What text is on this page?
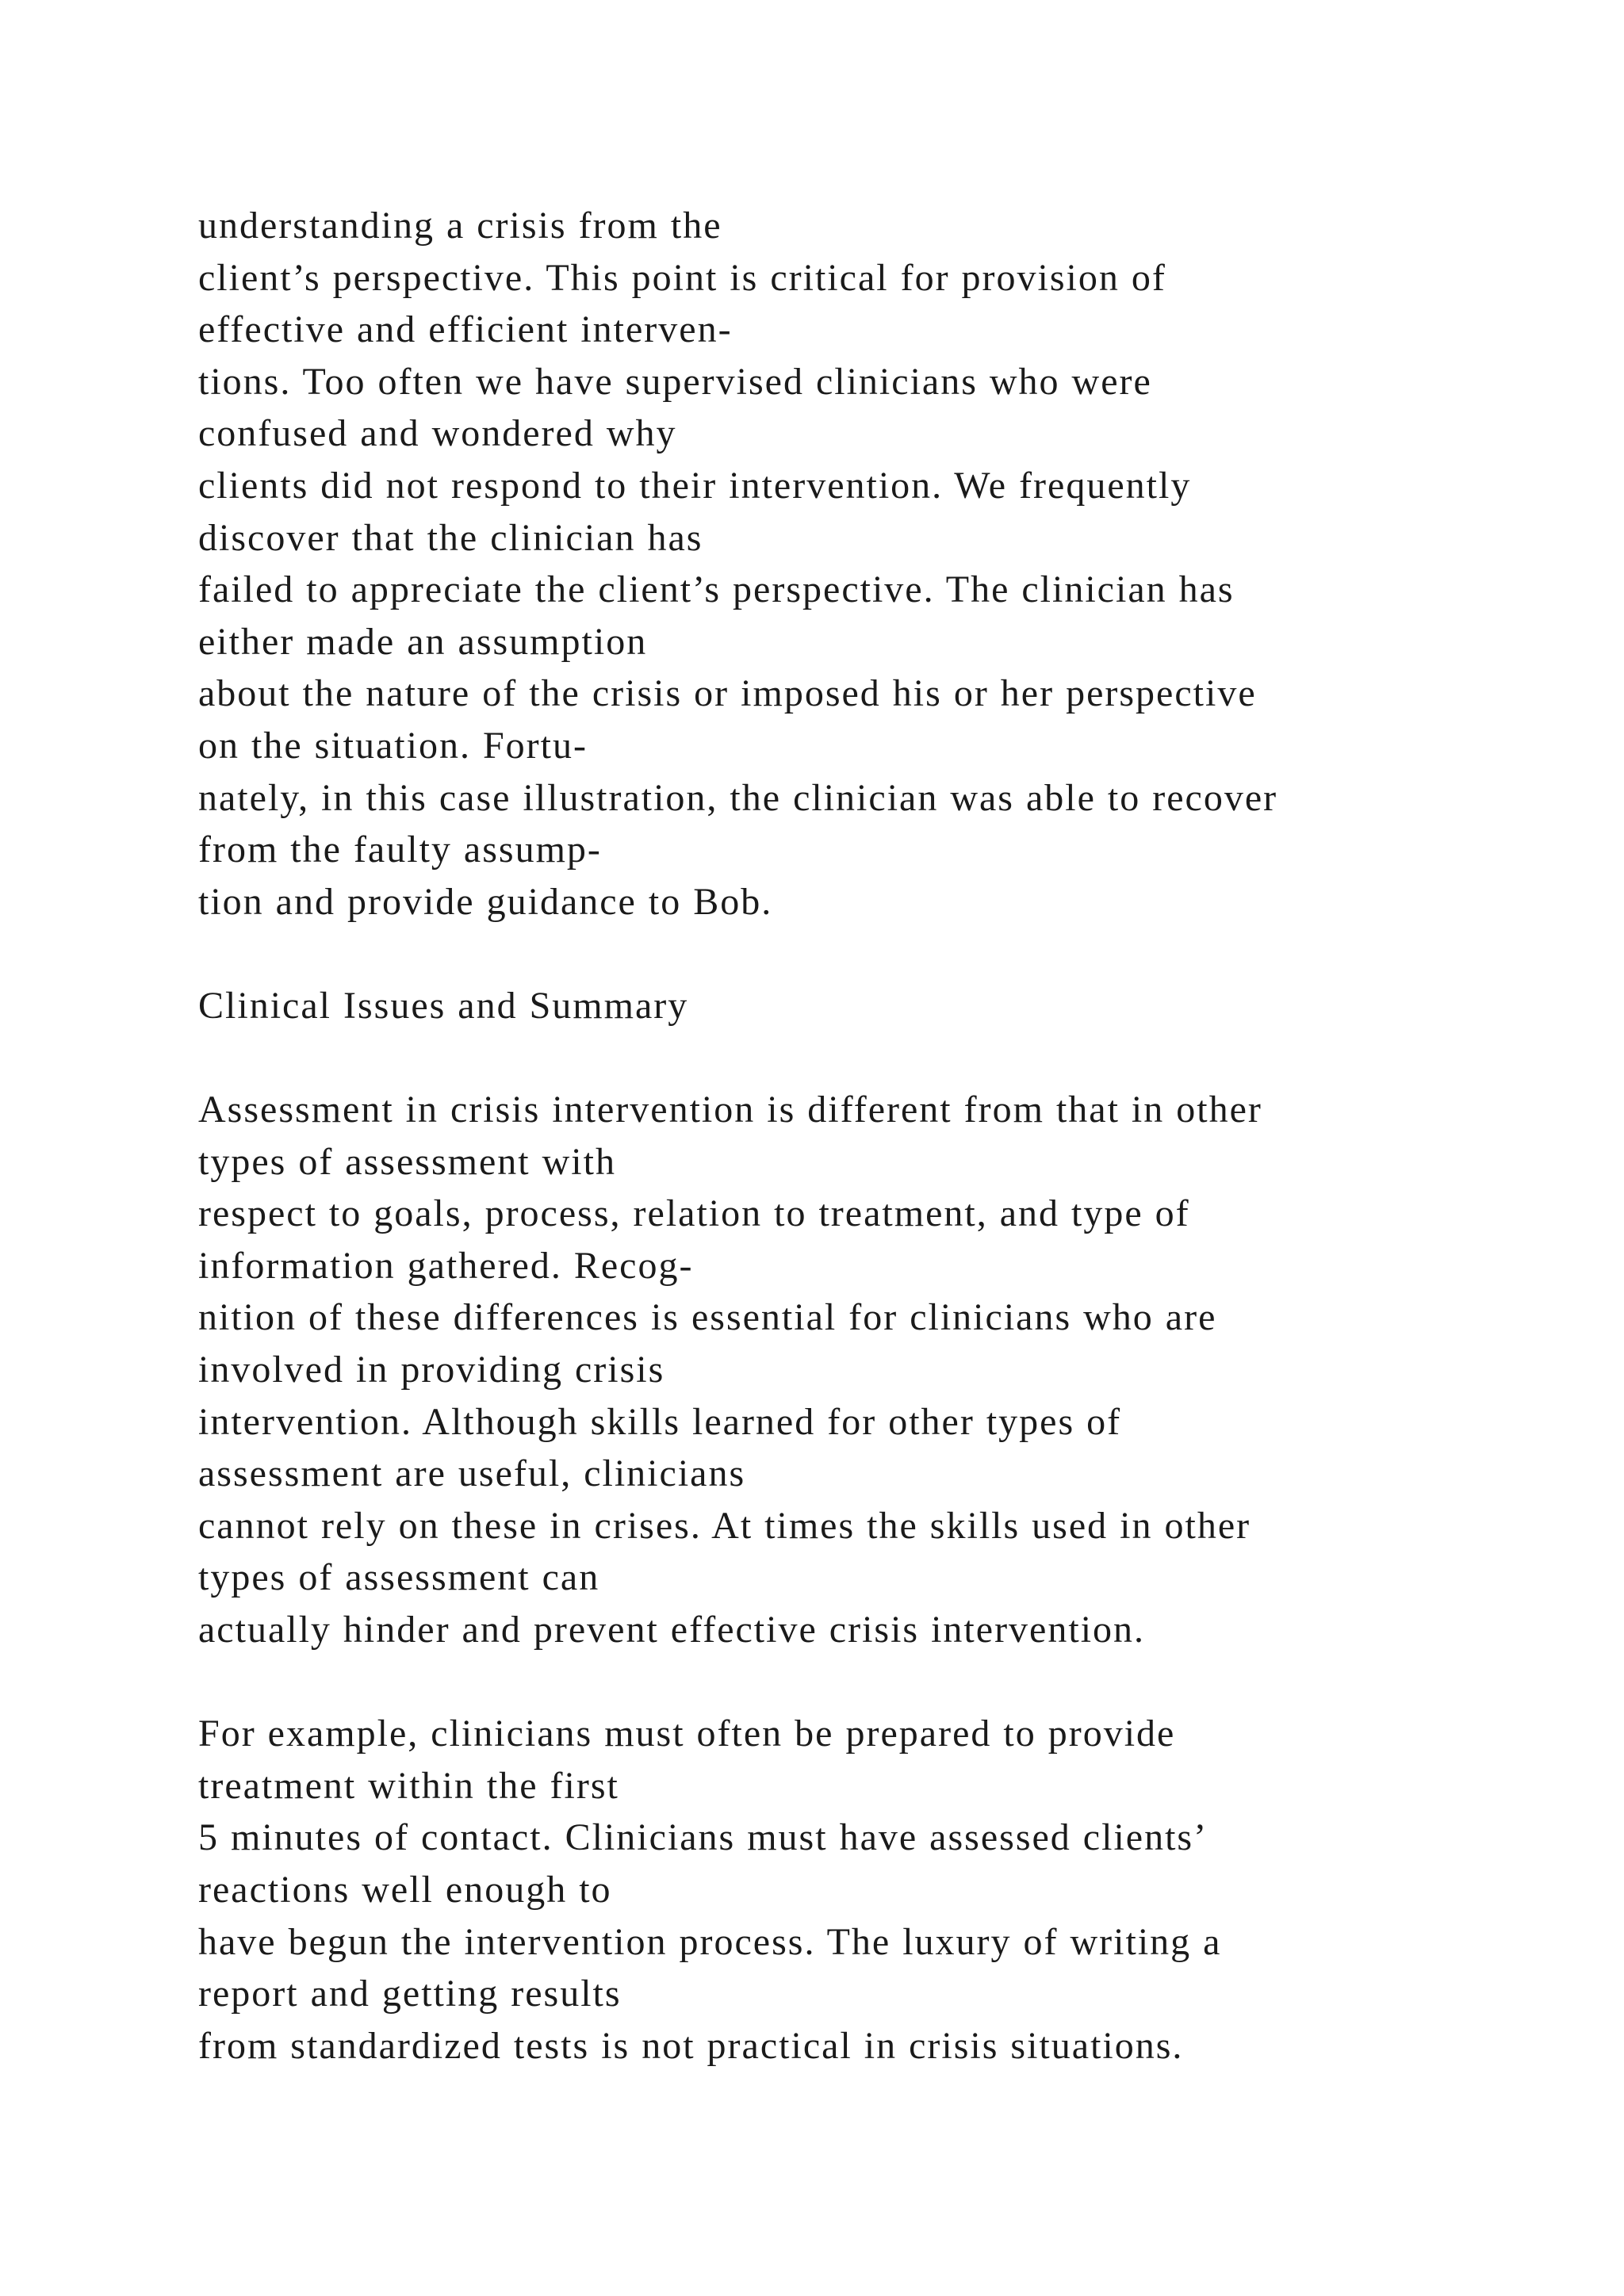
understanding a crisis from the
client’s perspective. This point is critical for provision of
effective and efficient interven-
tions. Too often we have supervised clinicians who were
confused and wondered why
clients did not respond to their intervention. We frequently
discover that the clinician has
failed to appreciate the client’s perspective. The clinician has
either made an assumption
about the nature of the crisis or imposed his or her perspective
on the situation. Fortu-
nately, in this case illustration, the clinician was able to recover
from the faulty assump-
tion and provide guidance to Bob.
Clinical Issues and Summary
Assessment in crisis intervention is different from that in other
types of assessment with
respect to goals, process, relation to treatment, and type of
information gathered. Recog-
nition of these differences is essential for clinicians who are
involved in providing crisis
intervention. Although skills learned for other types of
assessment are useful, clinicians
cannot rely on these in crises. At times the skills used in other
types of assessment can
actually hinder and prevent effective crisis intervention.
For example, clinicians must often be prepared to provide
treatment within the first
5 minutes of contact. Clinicians must have assessed clients’
reactions well enough to
have begun the intervention process. The luxury of writing a
report and getting results
from standardized tests is not practical in crisis situations.
